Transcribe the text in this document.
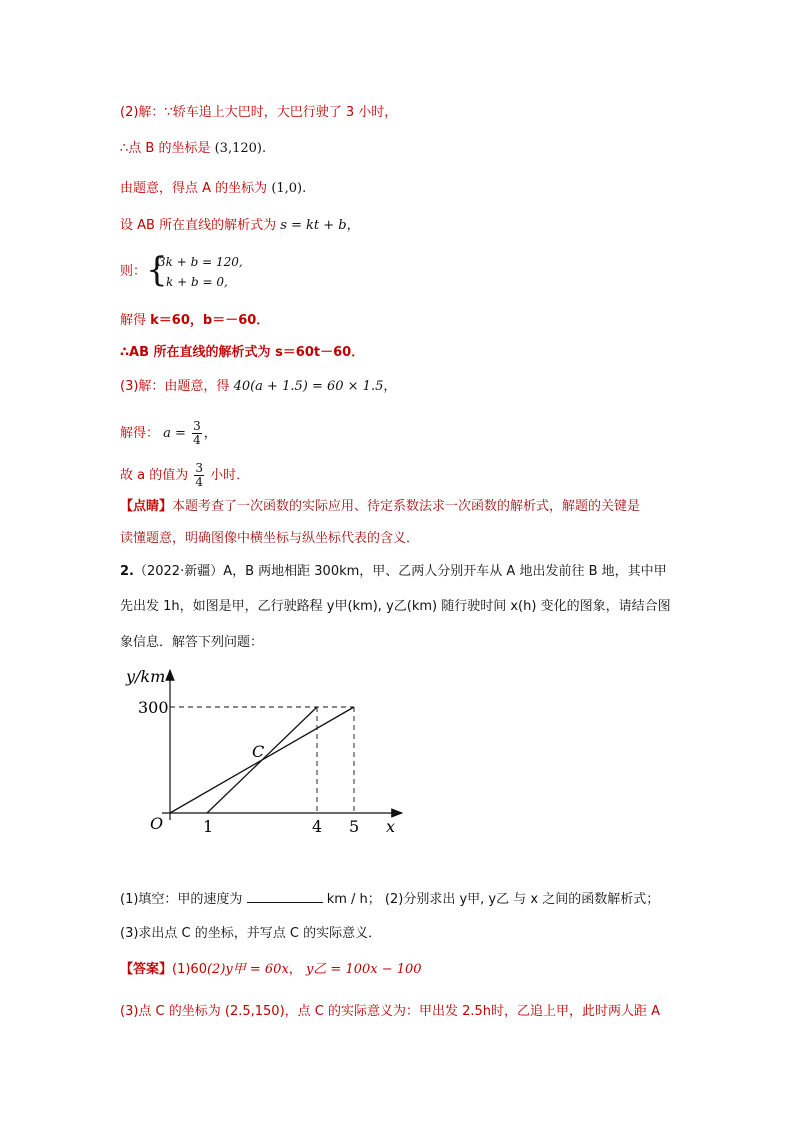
(2)解：∵轿车追上大巴时，大巴行驶了 3 小时，
∴点 B 的坐标是 (3,120).
由题意，得点 A 的坐标为 (1,0).
设 AB 所在直线的解析式为 s = kt + b，
则： {
3k + b = 120,
k + b = 0,
解得 k＝60，b＝－60．
∴AB 所在直线的解析式为 s＝60t－60．
(3)解：由题意，得 40(a + 1.5) = 60 × 1.5，
解得： $a = \frac{3}{4}$ ，
故 a 的值为 $\frac{3}{4}$ 小时．
【点睛】本题考查了一次函数的实际应用、待定系数法求一次函数的解析式，解题的关键是
读懂题意，明确图像中横坐标与纵坐标代表的含义．
2.（2022·新疆）A，B 两地相距 300km，甲、乙两人分别开车从 A 地出发前往 B 地，其中甲
先出发 1h，如图是甲，乙行驶路程 y甲(km), y乙(km) 随行驶时间 x(h) 变化的图象，请结合图
象信息．解答下列问题：
y/km
300
O 1	4 5 x
C
(1)填空：甲的速度为	km / h； (2)分别求出 y甲, y乙 与 x 之间的函数解析式；
(3)求出点 C 的坐标，并写点 C 的实际意义．
【答案】(1)60(2)y甲 = 60x， y乙 = 100x − 100
(3)点 C 的坐标为 (2.5,150)，点 C 的实际意义为：甲出发 2.5h时，乙追上甲，此时两人距 A
